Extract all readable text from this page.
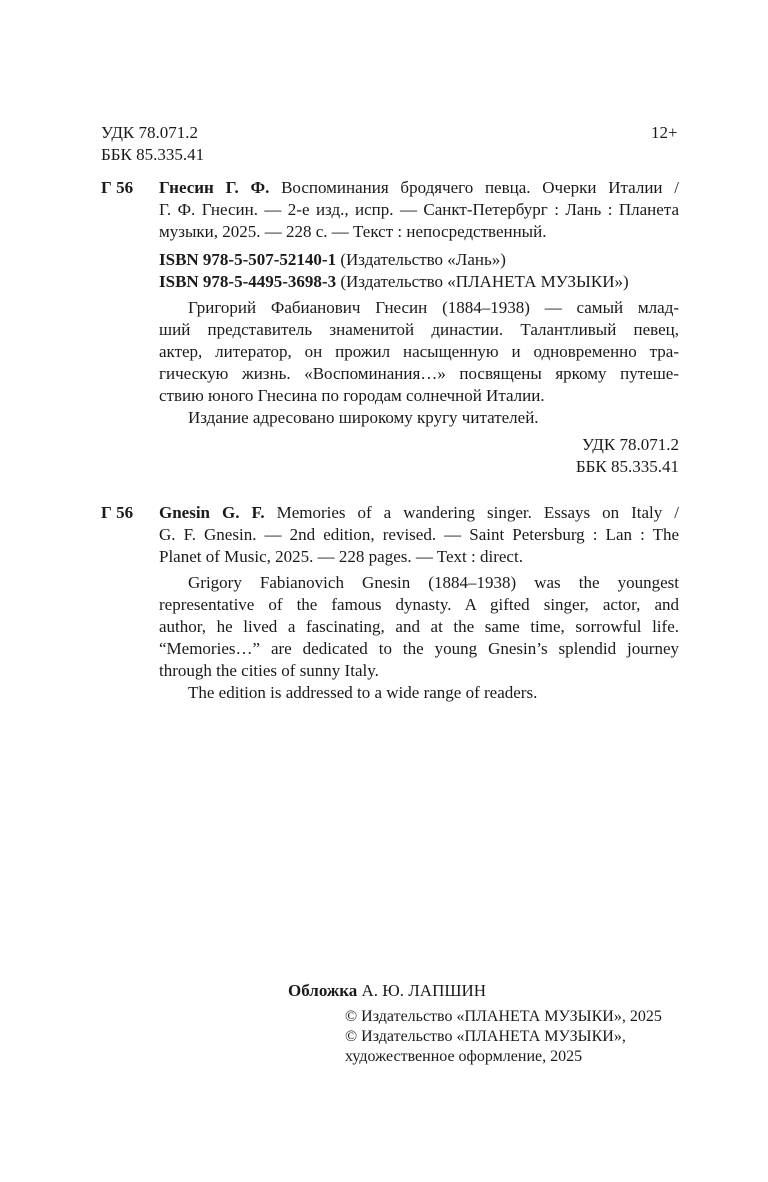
УДК 78.071.2
ББК 85.335.41
12+
Г 56 Гнесин Г. Ф. Воспоминания бродячего певца. Очерки Италии /
Г. Ф. Гнесин. — 2-е изд., испр. — Санкт-Петербург : Лань : Планета
музыки, 2025. — 228 с. — Текст : непосредственный.
ISBN 978-5-507-52140-1 (Издательство «Лань»)
ISBN 978-5-4495-3698-3 (Издательство «ПЛАНЕТА МУЗЫКИ»)
Григорий Фабианович Гнесин (1884–1938) — самый млад-
ший представитель знаменитой династии. Талантливый певец,
актер, литератор, он прожил насыщенную и одновременно тра-
гическую жизнь. «Воспоминания…» посвящены яркому путеше-
ствию юного Гнесина по городам солнечной Италии.
Издание адресовано широкому кругу читателей.
УДК 78.071.2
ББК 85.335.41
Г 56 Gnesin G. F. Memories of a wandering singer. Essays on Italy /
G. F. Gnesin. — 2nd edition, revised. — Saint Petersburg : Lan : The
Planet of Music, 2025. — 228 pages. — Text : direct.
Grigory Fabianovich Gnesin (1884–1938) was the youngest
representative of the famous dynasty. A gifted singer, actor, and
author, he lived a fascinating, and at the same time, sorrowful life.
“Memories…” are dedicated to the young Gnesin’s splendid journey
through the cities of sunny Italy.
The edition is addressed to a wide range of readers.
Обложка А. Ю. ЛАПШИН
© Издательство «ПЛАНЕТА МУЗЫКИ», 2025
© Издательство «ПЛАНЕТА МУЗЫКИ»,
художественное оформление, 2025
